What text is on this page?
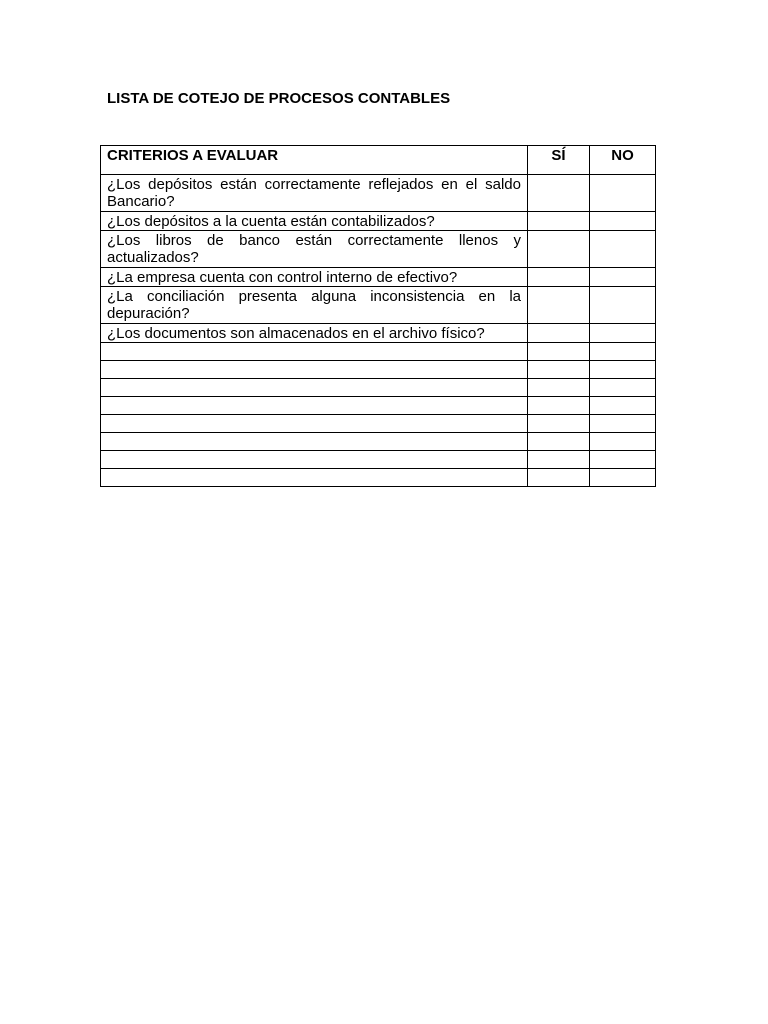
LISTA DE COTEJO DE PROCESOS CONTABLES
CRITERIOS A EVALUAR	SÍ	NO
¿Los depósitos están correctamente reflejados en el saldo Bancario?		
¿Los depósitos a la cuenta están contabilizados?		
¿Los libros de banco están correctamente llenos y actualizados?		
¿La empresa cuenta con control interno de efectivo?		
¿La conciliación presenta alguna inconsistencia en la depuración?		
¿Los documentos son almacenados en el archivo físico?		
